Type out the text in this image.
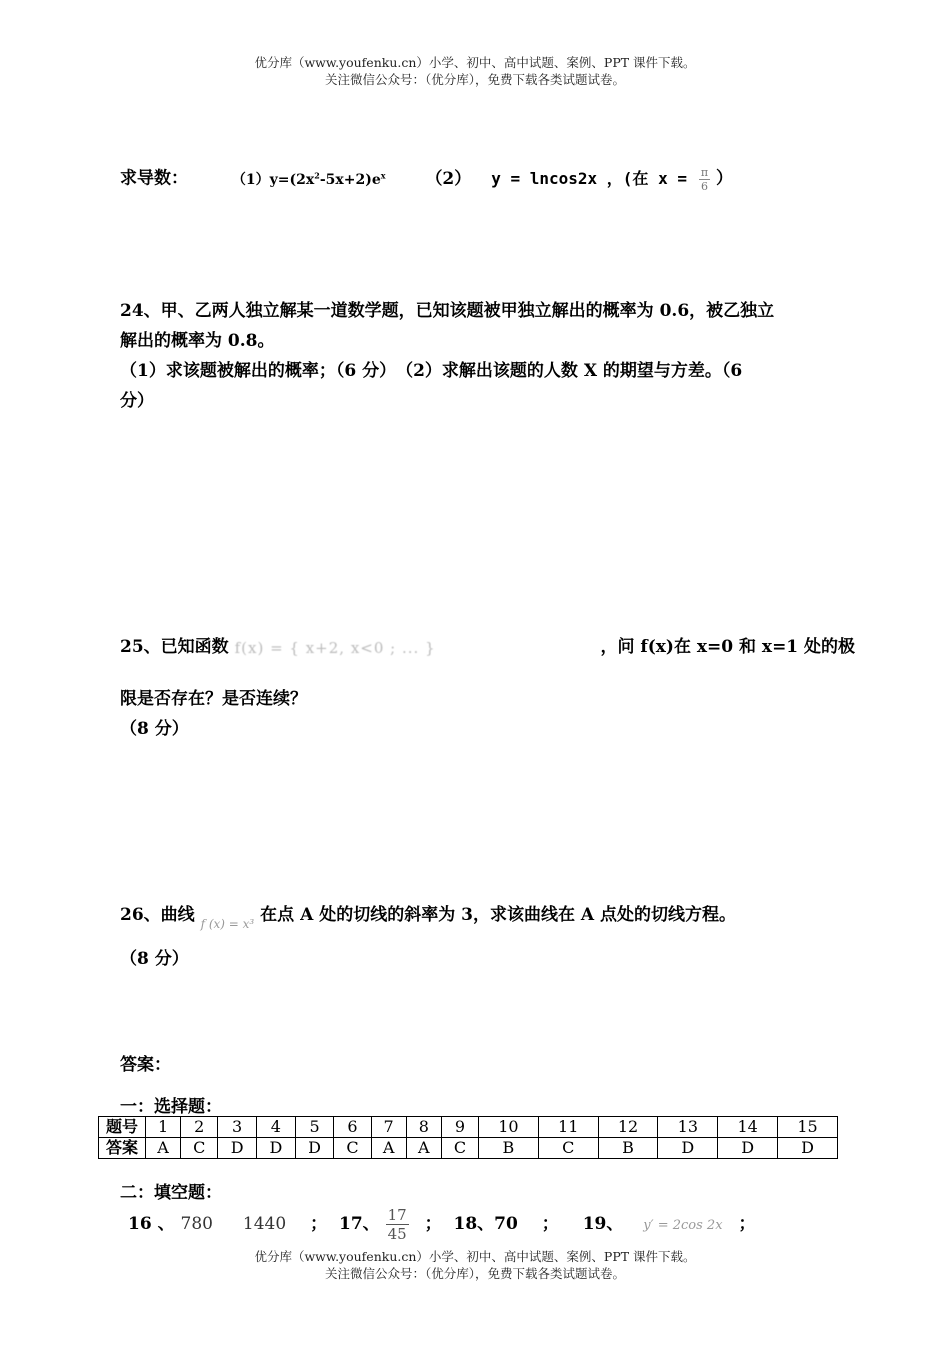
优分库（www.youfenku.cn）小学、初中、高中试题、案例、PPT 课件下载。
关注微信公众号：（优分库），免费下载各类试题试卷。
求导数：	$(1)y=(2x^2-5x+2)e^x$ （2） y = lncos2x ，(在 $x = \frac{\pi}{6}$ ）
24、甲、乙两人独立解某一道数学题，已知该题被甲独立解出的概率为 0.6，被乙独立
解出的概率为 0.8。
（1）求该题被解出的概率；（6 分）　（2）求解出该题的人数 X 的期望与方差。（6
分）
25、已知函数 f(x) = { x+2, x<0 ; ... }	，问 f(x)在 x=0 和 x=1 处的极
限是否存在？是否连续？
（8 分）
26、曲线 $_{f (x) = x^3}$ 在点 A 处的切线的斜率为 3，求该曲线在 A 点处的切线方程。
（8 分）
答案：
一：选择题：
题号	1	2	3	4	5	6	7	8	9	10	11	12	13	14	15
答案	A	C	D	D	D	C	A	A	C	B	C	B	D	D	D
二：填空题：
16 、 780 1440 ； 17、 $\frac{17}{45}$ ； 18、70 ； 19、 y′ = 2cos 2x ；
优分库（www.youfenku.cn）小学、初中、高中试题、案例、PPT 课件下载。
关注微信公众号：（优分库），免费下载各类试题试卷。
